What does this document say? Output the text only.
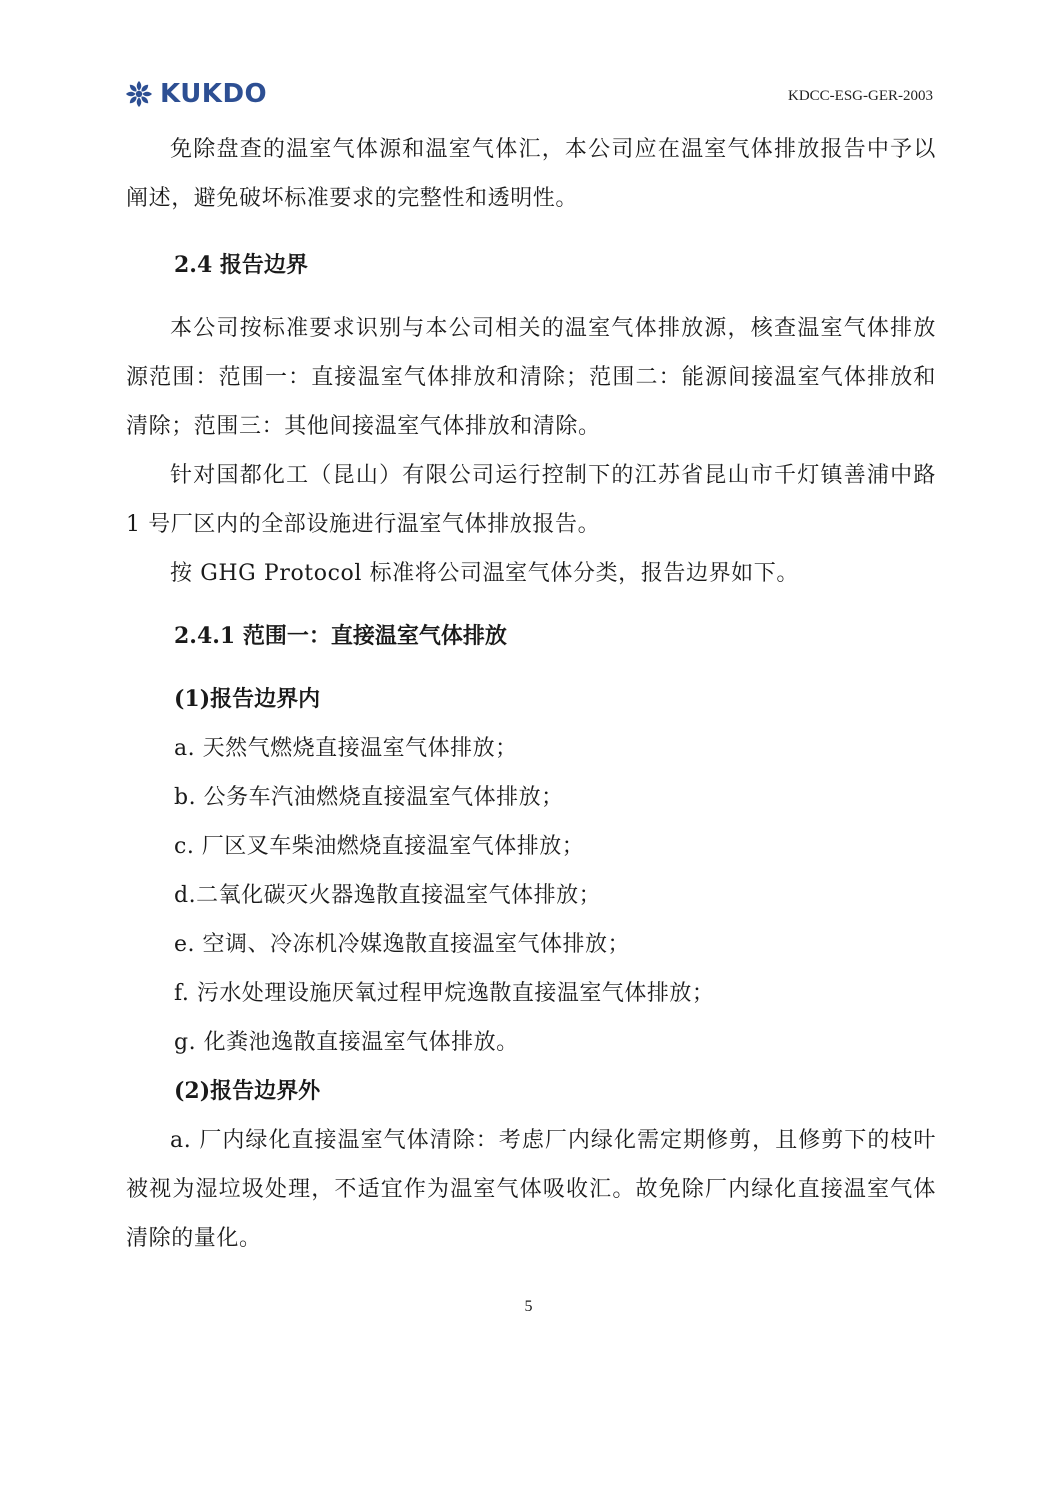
KUKDO	KDCC-ESG-GER-2003

免除盘查的温室气体源和温室气体汇，本公司应在温室气体排放报告中予以阐述，避免破坏标准要求的完整性和透明性。

2.4 报告边界

本公司按标准要求识别与本公司相关的温室气体排放源，核查温室气体排放源范围：范围一：直接温室气体排放和清除；范围二：能源间接温室气体排放和清除；范围三：其他间接温室气体排放和清除。

针对国都化工（昆山）有限公司运行控制下的江苏省昆山市千灯镇善浦中路 1 号厂区内的全部设施进行温室气体排放报告。

按 GHG Protocol 标准将公司温室气体分类，报告边界如下。

2.4.1 范围一：直接温室气体排放

(1)报告边界内

a. 天然气燃烧直接温室气体排放；

b. 公务车汽油燃烧直接温室气体排放；

c. 厂区叉车柴油燃烧直接温室气体排放；

d.二氧化碳灭火器逸散直接温室气体排放；

e. 空调、冷冻机冷媒逸散直接温室气体排放；

f. 污水处理设施厌氧过程甲烷逸散直接温室气体排放；

g. 化粪池逸散直接温室气体排放。

(2)报告边界外

a. 厂内绿化直接温室气体清除：考虑厂内绿化需定期修剪，且修剪下的枝叶被视为湿垃圾处理，不适宜作为温室气体吸收汇。故免除厂内绿化直接温室气体清除的量化。

5
